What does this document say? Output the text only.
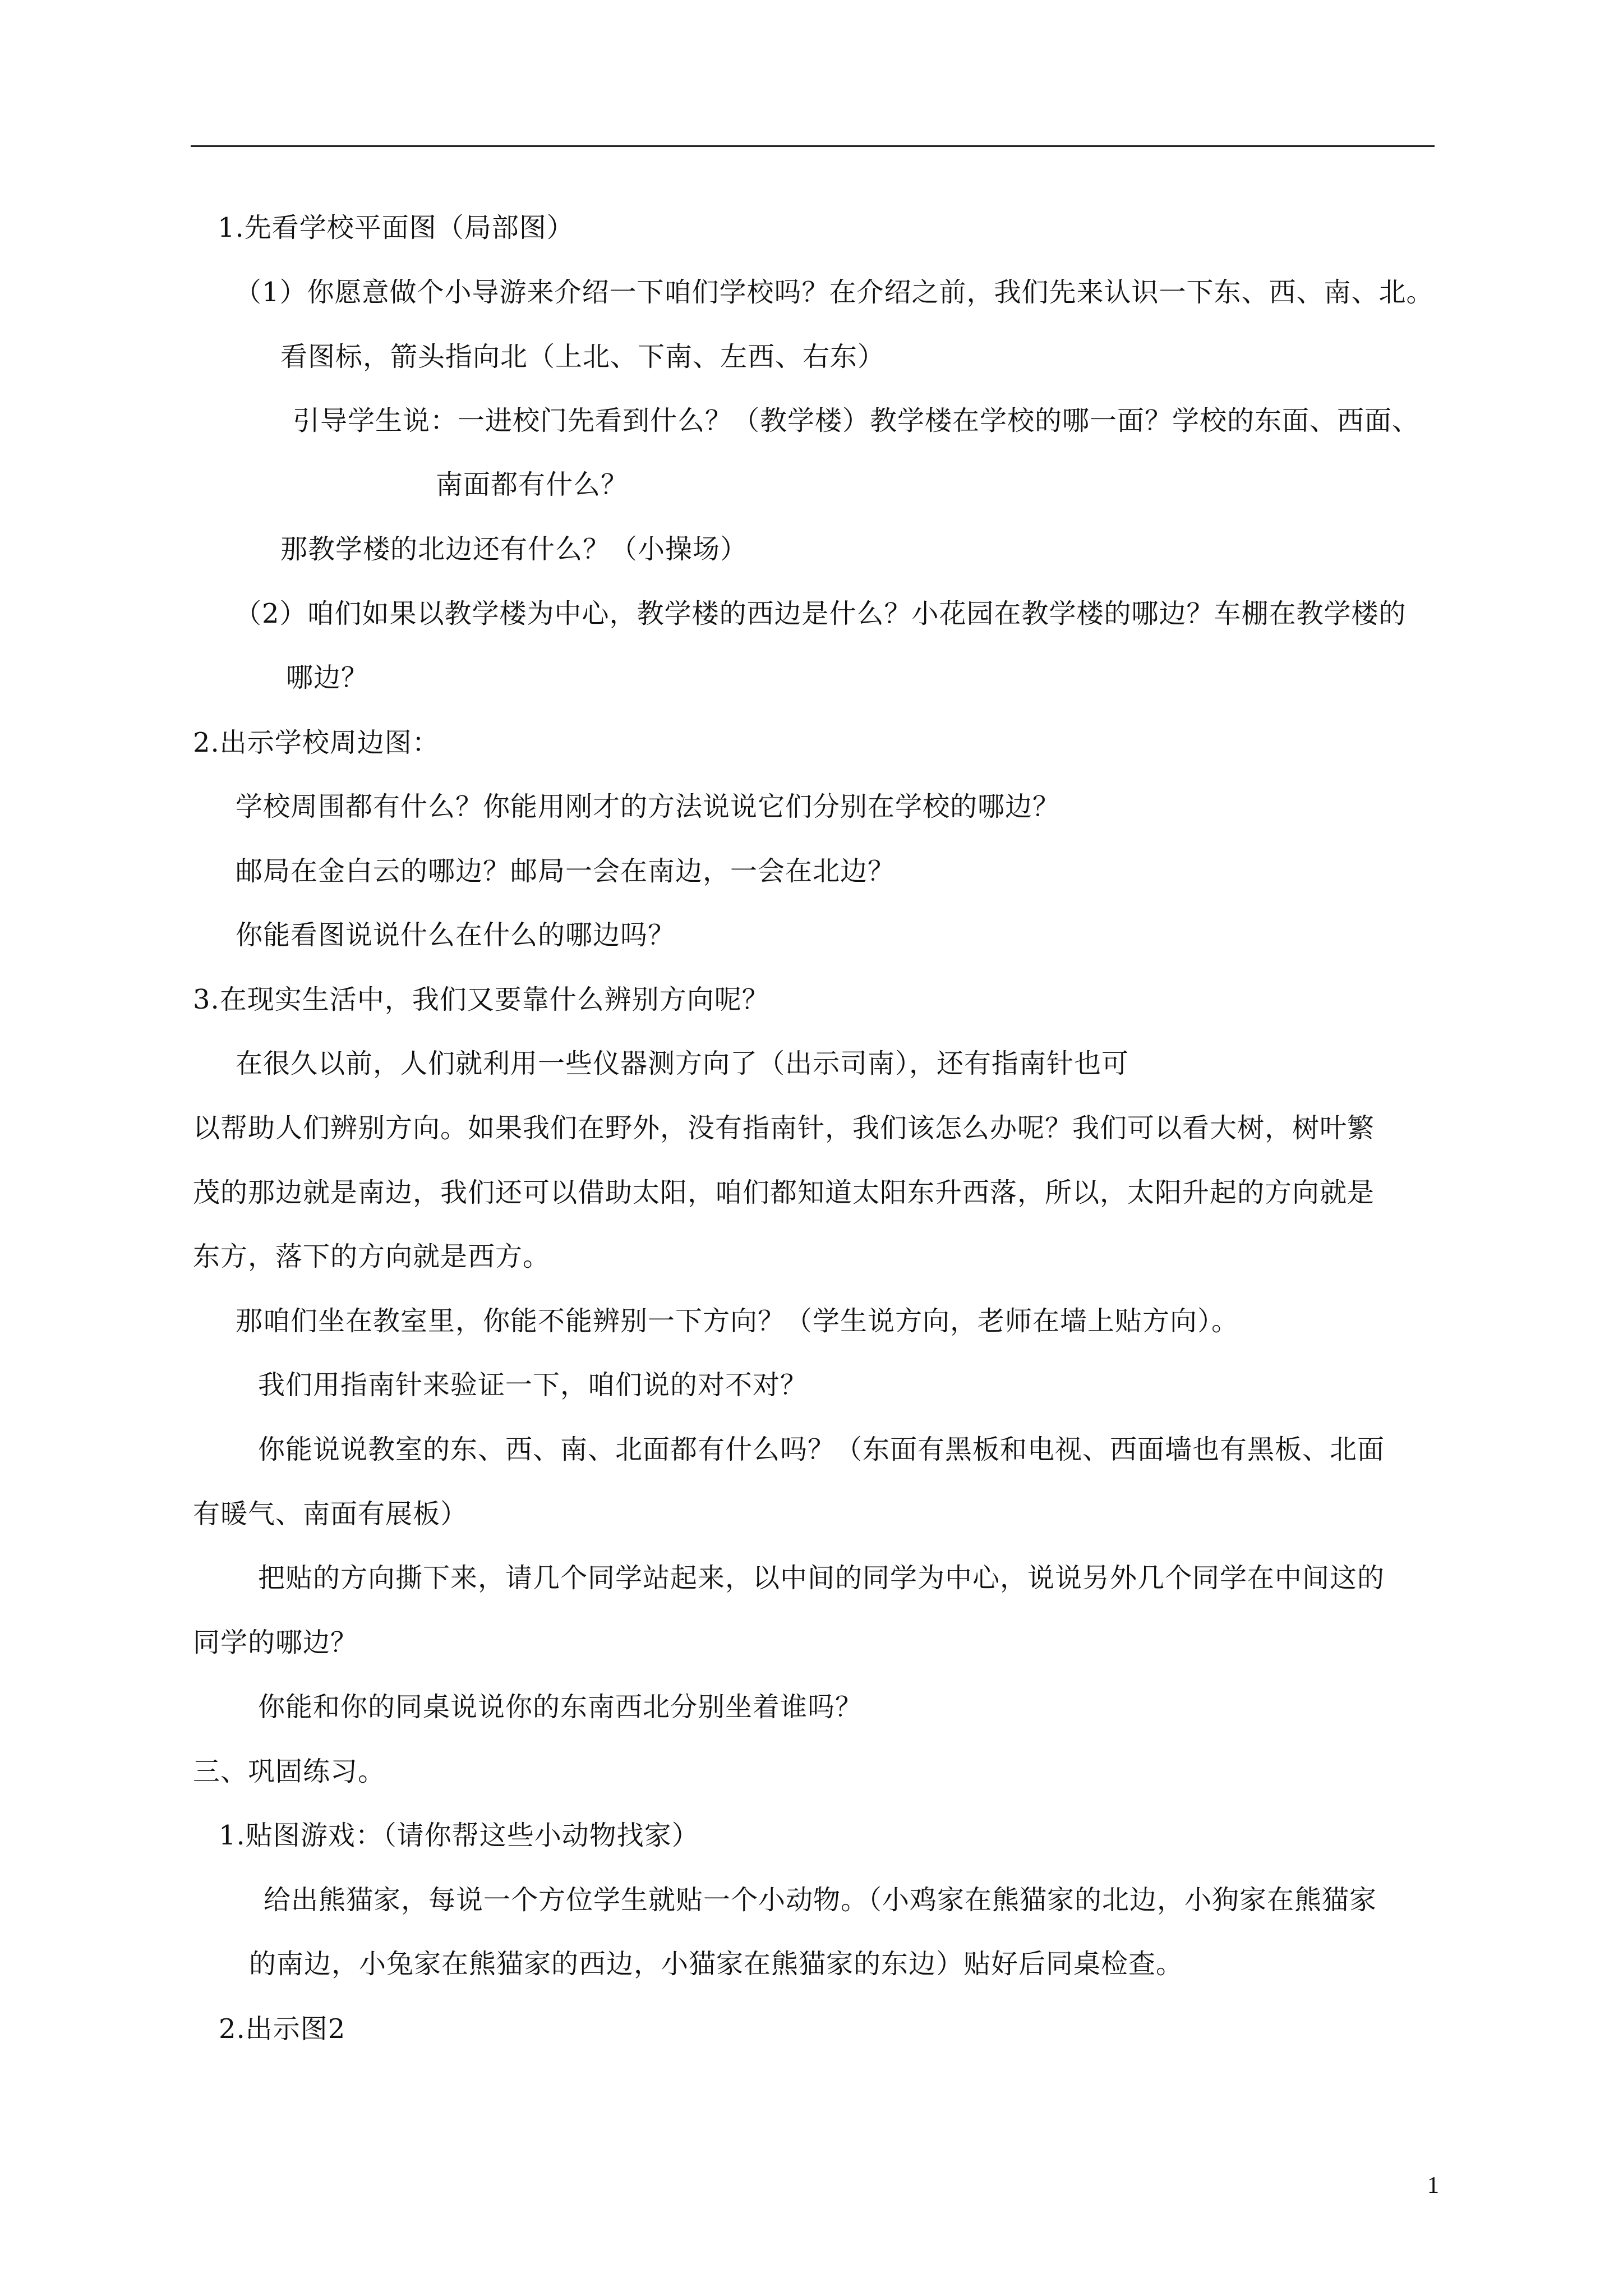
1.先看学校平面图（局部图）
（1）你愿意做个小导游来介绍一下咱们学校吗？在介绍之前，我们先来认识一下东、西、南、北。
看图标，箭头指向北（上北、下南、左西、右东）
引导学生说：一进校门先看到什么？（教学楼）教学楼在学校的哪一面？学校的东面、西面、
南面都有什么？
那教学楼的北边还有什么？（小操场）
（2）咱们如果以教学楼为中心，教学楼的西边是什么？小花园在教学楼的哪边？车棚在教学楼的
哪边？
2.出示学校周边图：
学校周围都有什么？你能用刚才的方法说说它们分别在学校的哪边？
邮局在金白云的哪边？邮局一会在南边，一会在北边？
你能看图说说什么在什么的哪边吗？
3.在现实生活中，我们又要靠什么辨别方向呢？
在很久以前，人们就利用一些仪器测方向了（出示司南），还有指南针也可
以帮助人们辨别方向。如果我们在野外，没有指南针，我们该怎么办呢？我们可以看大树，树叶繁
茂的那边就是南边，我们还可以借助太阳，咱们都知道太阳东升西落，所以，太阳升起的方向就是
东方，落下的方向就是西方。
那咱们坐在教室里，你能不能辨别一下方向？（学生说方向，老师在墙上贴方向）。
我们用指南针来验证一下，咱们说的对不对？
你能说说教室的东、西、南、北面都有什么吗？（东面有黑板和电视、西面墙也有黑板、北面
有暖气、南面有展板）
把贴的方向撕下来，请几个同学站起来，以中间的同学为中心，说说另外几个同学在中间这的
同学的哪边？
你能和你的同桌说说你的东南西北分别坐着谁吗？
三、巩固练习。
1.贴图游戏：（请你帮这些小动物找家）
给出熊猫家，每说一个方位学生就贴一个小动物。（小鸡家在熊猫家的北边，小狗家在熊猫家
的南边，小兔家在熊猫家的西边，小猫家在熊猫家的东边）贴好后同桌检查。
2.出示图2
1
